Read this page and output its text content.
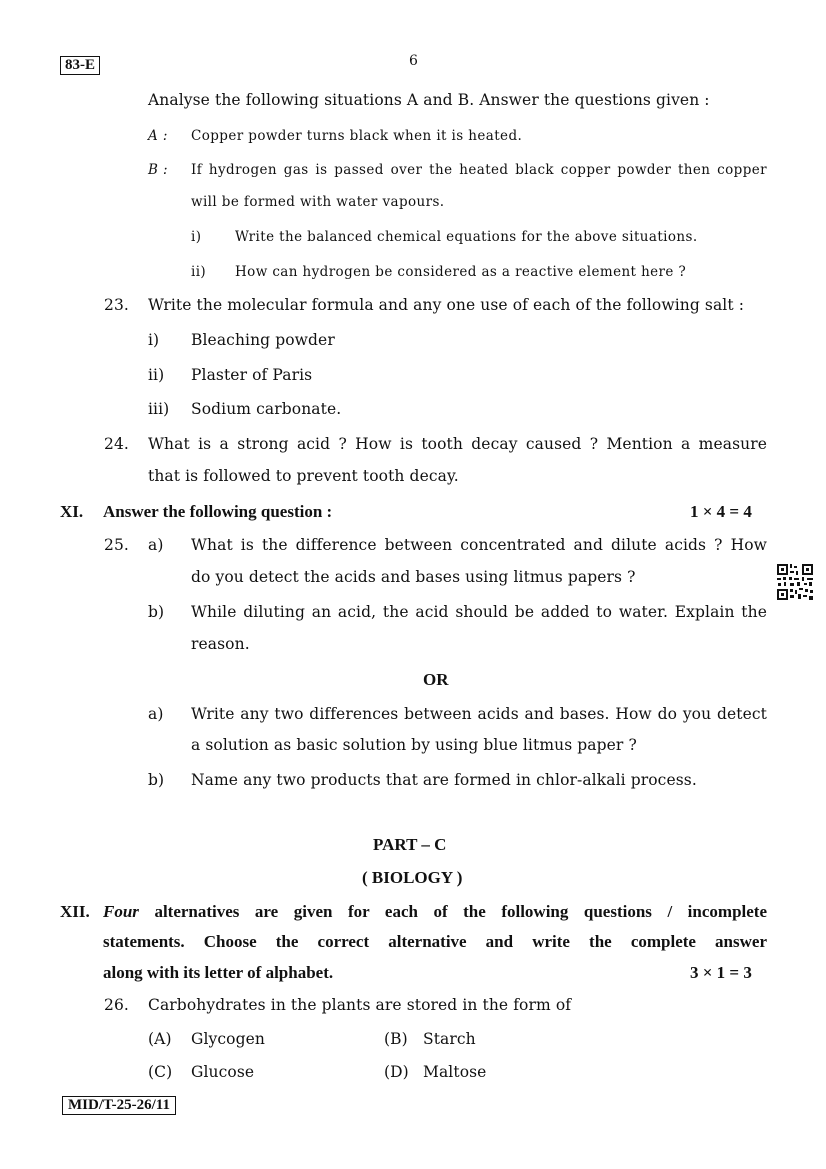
83-E	6
Analyse the following situations A and B. Answer the questions given :
A : Copper powder turns black when it is heated.
B : If hydrogen gas is passed over the heated black copper powder then copper
will be formed with water vapours.
i) Write the balanced chemical equations for the above situations.
ii) How can hydrogen be considered as a reactive element here ?
23. Write the molecular formula and any one use of each of the following salt :
i) Bleaching powder
ii) Plaster of Paris
iii) Sodium carbonate.
24. What is a strong acid ? How is tooth decay caused ? Mention a measure
that is followed to prevent tooth decay.
XI. Answer the following question :	1 × 4 = 4
25. a) What is the difference between concentrated and dilute acids ? How
do you detect the acids and bases using litmus papers ?
b) While diluting an acid, the acid should be added to water. Explain the
reason.
OR
a) Write any two differences between acids and bases. How do you detect
a solution as basic solution by using blue litmus paper ?
b) Name any two products that are formed in chlor-alkali process.
PART – C
( BIOLOGY )
XII. Four alternatives are given for each of the following questions / incomplete
statements. Choose the correct alternative and write the complete answer
along with its letter of alphabet.	3 × 1 = 3
26. Carbohydrates in the plants are stored in the form of
(A) Glycogen	(B) Starch
(C) Glucose	(D) Maltose
MID/T-25-26/11
